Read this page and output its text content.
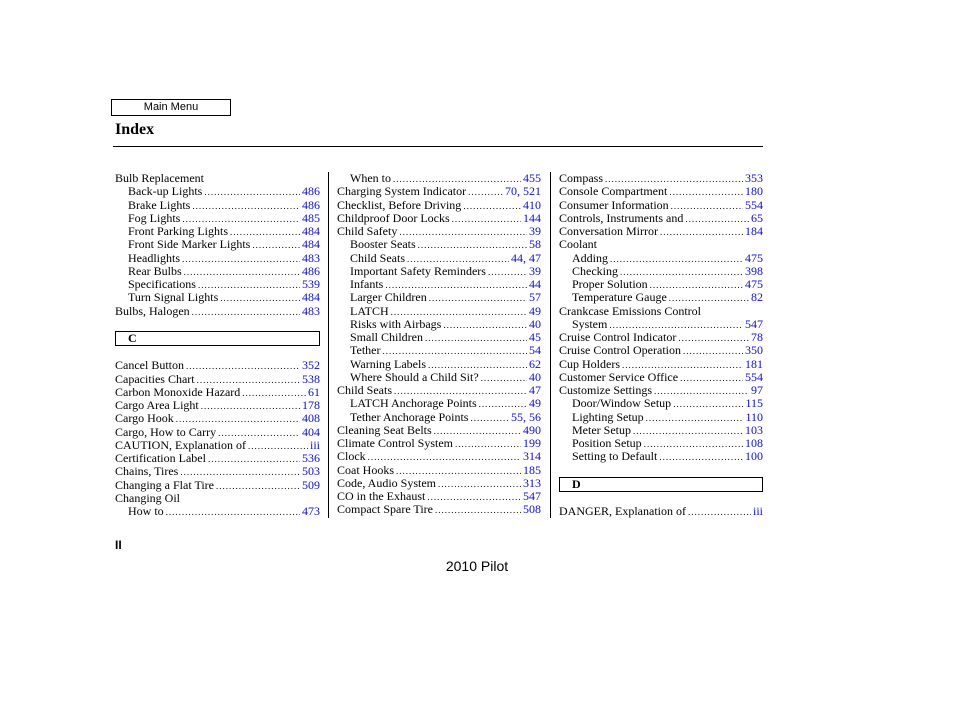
Main Menu
Index
Bulb Replacement
Back-up Lights .....	486
Brake Lights .....	486
Fog Lights .....	485
Front Parking Lights .....	484
Front Side Marker Lights .....	484
Headlights .....	483
Rear Bulbs .....	486
Specifications .....	539
Turn Signal Lights .....	484
Bulbs, Halogen .....	483
C
Cancel Button .....	352
Capacities Chart .....	538
Carbon Monoxide Hazard .....	61
Cargo Area Light .....	178
Cargo Hook .....	408
Cargo, How to Carry .....	404
CAUTION, Explanation of .....	iii
Certification Label .....	536
Chains, Tires .....	503
Changing a Flat Tire .....	509
Changing Oil
How to .....	473
When to .....	455
Charging System Indicator .....	70, 521
Checklist, Before Driving .....	410
Childproof Door Locks .....	144
Child Safety .....	39
Booster Seats .....	58
Child Seats .....	44, 47
Important Safety Reminders .....	39
Infants .....	44
Larger Children .....	57
LATCH .....	49
Risks with Airbags .....	40
Small Children .....	45
Tether .....	54
Warning Labels .....	62
Where Should a Child Sit? .....	40
Child Seats .....	47
LATCH Anchorage Points .....	49
Tether Anchorage Points .....	55, 56
Cleaning Seat Belts .....	490
Climate Control System .....	199
Clock .....	314
Coat Hooks .....	185
Code, Audio System .....	313
CO in the Exhaust .....	547
Compact Spare Tire .....	508
Compass .....	353
Console Compartment .....	180
Consumer Information .....	554
Controls, Instruments and .....	65
Conversation Mirror .....	184
Coolant
Adding .....	475
Checking .....	398
Proper Solution .....	475
Temperature Gauge .....	82
Crankcase Emissions Control
System .....	547
Cruise Control Indicator .....	78
Cruise Control Operation .....	350
Cup Holders .....	181
Customer Service Office .....	554
Customize Settings .....	97
Door/Window Setup .....	115
Lighting Setup .....	110
Meter Setup .....	103
Position Setup .....	108
Setting to Default .....	100
D
DANGER, Explanation of .....	iii
II
2010 Pilot
